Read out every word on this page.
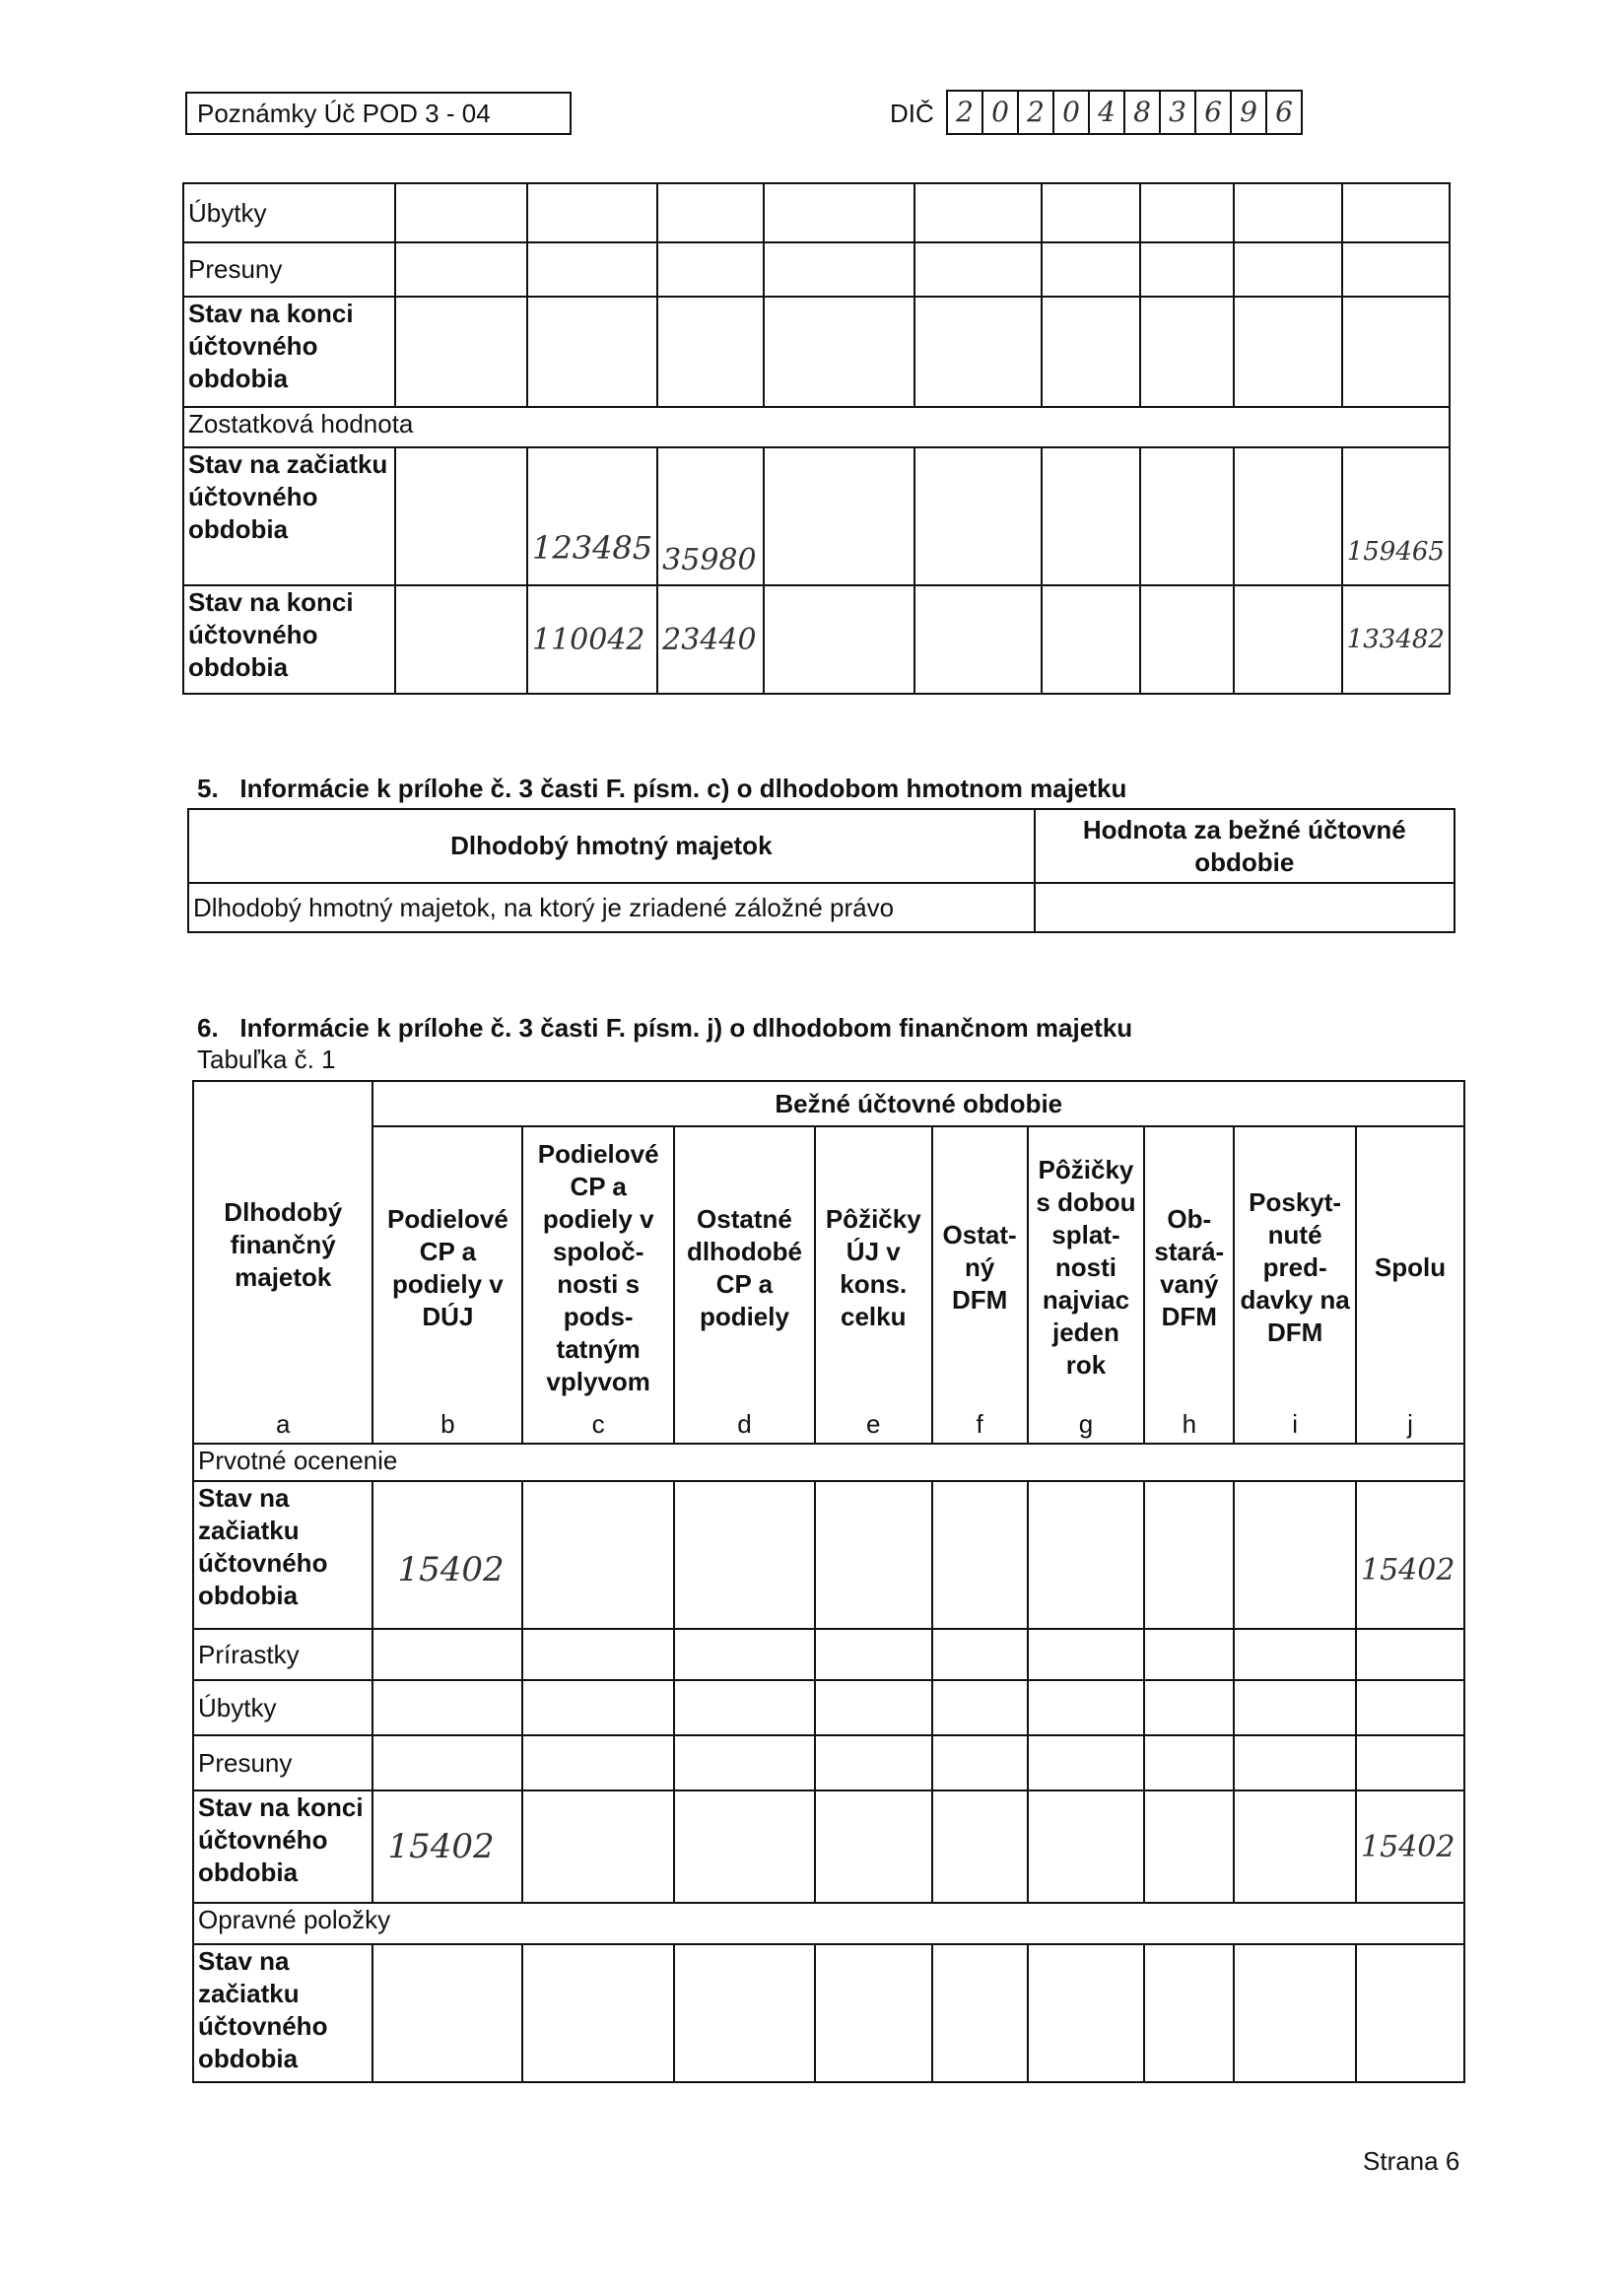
Poznámky Úč POD 3 - 04	DIČ 2 0 2 0 4 8 3 6 9 6
Úbytky									
Presuny									
Stav na konci účtovného obdobia									
Zostatková hodnota									
Stav na začiatku účtovného obdobia		123485	35980						159465
Stav na konci účtovného obdobia		110042	23440						133482
5.   Informácie k prílohe č. 3 časti F. písm. c) o dlhodobom hmotnom majetku
Dlhodobý hmotný majetok	Hodnota za bežné účtovné obdobie
Dlhodobý hmotný majetok, na ktorý je zriadené záložné právo	
6.   Informácie k prílohe č. 3 časti F. písm. j) o dlhodobom finančnom majetku
Tabuľka č. 1
Dlhodobý finančný majetok	Bežné účtovné obdobie								
	Podielové CP a podiely v DÚJ	Podielové CP a podiely v spoloč-nosti s pods-tatným vplyvom	Ostatné dlhodobé CP a podiely	Pôžičky ÚJ v kons. celku	Ostat-ný DFM	Pôžičky s dobou splat-nosti najviac jeden rok	Ob-stará-vaný DFM	Poskyt-nuté pred-davky na DFM	Spolu
a	b	c	d	e	f	g	h	i	j
Prvotné ocenenie									
Stav na začiatku účtovného obdobia	15402								15402
Prírastky									
Úbytky									
Presuny									
Stav na konci účtovného obdobia	15402								15402
Opravné položky									
Stav na začiatku účtovného obdobia									
Strana 6
